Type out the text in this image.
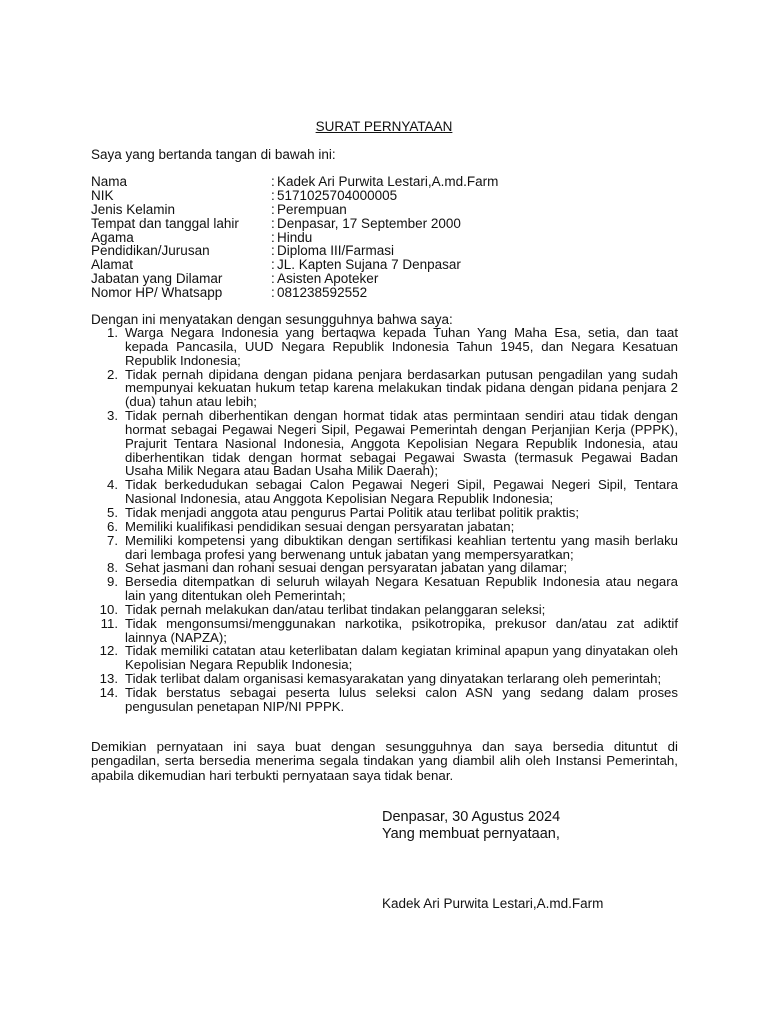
SURAT PERNYATAAN
Saya yang bertanda tangan di bawah ini:
Nama	: Kadek Ari Purwita Lestari,A.md.Farm
NIK	: 5171025704000005
Jenis Kelamin	: Perempuan
Tempat dan tanggal lahir	: Denpasar, 17 September 2000
Agama	: Hindu
Pendidikan/Jurusan	: Diploma III/Farmasi
Alamat	: JL. Kapten Sujana 7 Denpasar
Jabatan yang Dilamar	: Asisten Apoteker
Nomor HP/ Whatsapp	: 081238592552
Dengan ini menyatakan dengan sesungguhnya bahwa saya:
1. Warga Negara Indonesia yang bertaqwa kepada Tuhan Yang Maha Esa, setia, dan taat kepada Pancasila, UUD Negara Republik Indonesia Tahun 1945, dan Negara Kesatuan Republik Indonesia;
2. Tidak pernah dipidana dengan pidana penjara berdasarkan putusan pengadilan yang sudah mempunyai kekuatan hukum tetap karena melakukan tindak pidana dengan pidana penjara 2 (dua) tahun atau lebih;
3. Tidak pernah diberhentikan dengan hormat tidak atas permintaan sendiri atau tidak dengan hormat sebagai Pegawai Negeri Sipil, Pegawai Pemerintah dengan Perjanjian Kerja (PPPK), Prajurit Tentara Nasional Indonesia, Anggota Kepolisian Negara Republik Indonesia, atau diberhentikan tidak dengan hormat sebagai Pegawai Swasta (termasuk Pegawai Badan Usaha Milik Negara atau Badan Usaha Milik Daerah);
4. Tidak berkedudukan sebagai Calon Pegawai Negeri Sipil, Pegawai Negeri Sipil, Tentara Nasional Indonesia, atau Anggota Kepolisian Negara Republik Indonesia;
5. Tidak menjadi anggota atau pengurus Partai Politik atau terlibat politik praktis;
6. Memiliki kualifikasi pendidikan sesuai dengan persyaratan jabatan;
7. Memiliki kompetensi yang dibuktikan dengan sertifikasi keahlian tertentu yang masih berlaku dari lembaga profesi yang berwenang untuk jabatan yang mempersyaratkan;
8. Sehat jasmani dan rohani sesuai dengan persyaratan jabatan yang dilamar;
9. Bersedia ditempatkan di seluruh wilayah Negara Kesatuan Republik Indonesia atau negara lain yang ditentukan oleh Pemerintah;
10. Tidak pernah melakukan dan/atau terlibat tindakan pelanggaran seleksi;
11. Tidak mengonsumsi/menggunakan narkotika, psikotropika, prekusor dan/atau zat adiktif lainnya (NAPZA);
12. Tidak memiliki catatan atau keterlibatan dalam kegiatan kriminal apapun yang dinyatakan oleh Kepolisian Negara Republik Indonesia;
13. Tidak terlibat dalam organisasi kemasyarakatan yang dinyatakan terlarang oleh pemerintah;
14. Tidak berstatus sebagai peserta lulus seleksi calon ASN yang sedang dalam proses pengusulan penetapan NIP/NI PPPK.
Demikian pernyataan ini saya buat dengan sesungguhnya dan saya bersedia dituntut di pengadilan, serta bersedia menerima segala tindakan yang diambil alih oleh Instansi Pemerintah, apabila dikemudian hari terbukti pernyataan saya tidak benar.
Denpasar, 30 Agustus 2024
Yang membuat pernyataan,
Kadek Ari Purwita Lestari,A.md.Farm
